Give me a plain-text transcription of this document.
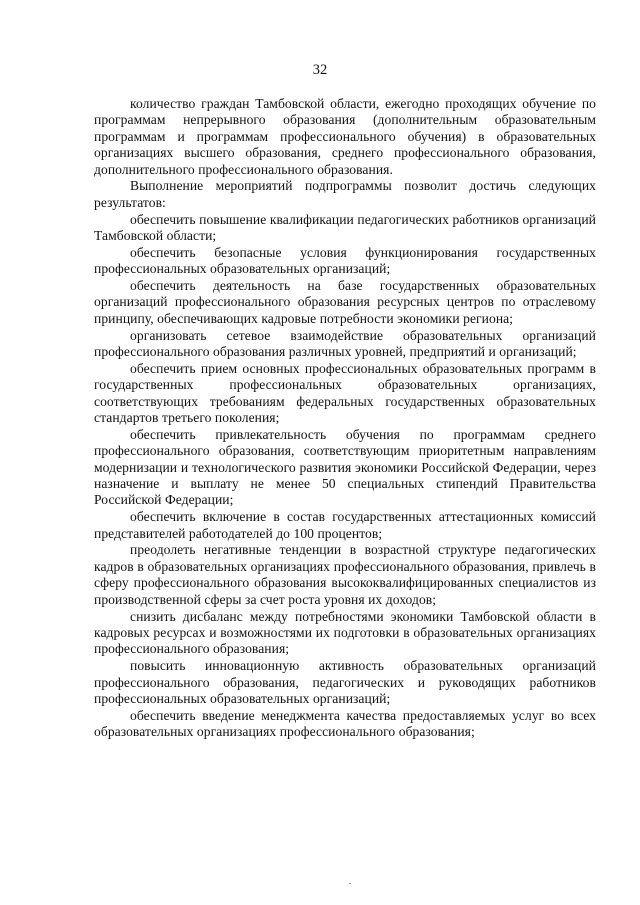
32

количество граждан Тамбовской области, ежегодно проходящих обучение по программам непрерывного образования (дополнительным образовательным программам и программам профессионального обучения) в образовательных организациях высшего образования, среднего профессионального образования, дополнительного профессионального образования.

Выполнение мероприятий подпрограммы позволит достичь следующих результатов:

обеспечить повышение квалификации педагогических работников организаций Тамбовской области;

обеспечить безопасные условия функционирования государственных профессиональных образовательных организаций;

обеспечить деятельность на базе государственных образовательных организаций профессионального образования ресурсных центров по отраслевому принципу, обеспечивающих кадровые потребности экономики региона;

организовать сетевое взаимодействие образовательных организаций профессионального образования различных уровней, предприятий и организаций;

обеспечить прием основных профессиональных образовательных программ в государственных профессиональных образовательных организациях, соответствующих требованиям федеральных государственных образовательных стандартов третьего поколения;

обеспечить привлекательность обучения по программам среднего профессионального образования, соответствующим приоритетным направлениям модернизации и технологического развития экономики Российской Федерации, через назначение и выплату не менее 50 специальных стипендий Правительства Российской Федерации;

обеспечить включение в состав государственных аттестационных комиссий представителей работодателей до 100 процентов;

преодолеть негативные тенденции в возрастной структуре педагогических кадров в образовательных организациях профессионального образования, привлечь в сферу профессионального образования высококвалифицированных специалистов из производственной сферы за счет роста уровня их доходов;

снизить дисбаланс между потребностями экономики Тамбовской области в кадровых ресурсах и возможностями их подготовки в образовательных организациях профессионального образования;

повысить инновационную активность образовательных организаций профессионального образования, педагогических и руководящих работников профессиональных образовательных организаций;

обеспечить введение менеджмента качества предоставляемых услуг во всех образовательных организациях профессионального образования;
